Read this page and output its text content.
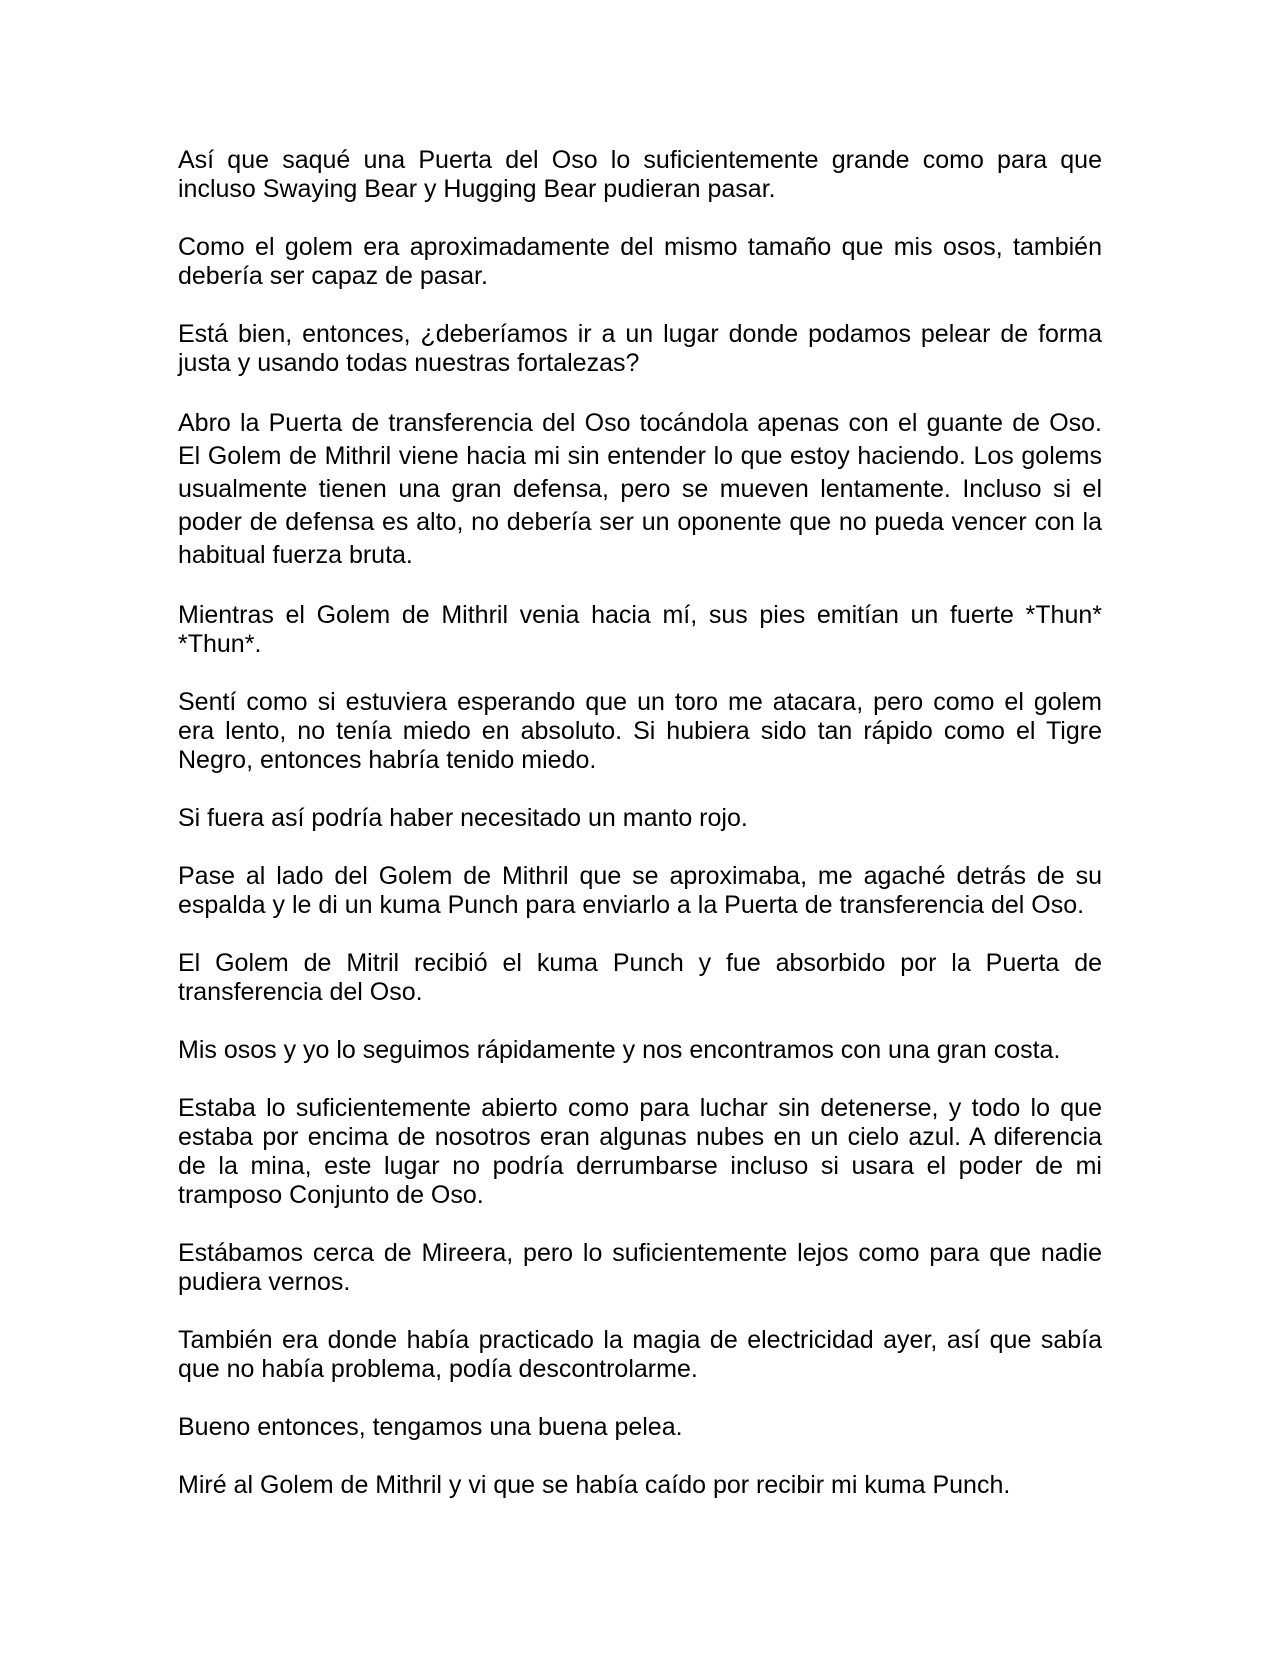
Así que saqué una Puerta del Oso lo suficientemente grande como para que incluso Swaying Bear y Hugging Bear pudieran pasar.

Como el golem era aproximadamente del mismo tamaño que mis osos, también debería ser capaz de pasar.

Está bien, entonces, ¿deberíamos ir a un lugar donde podamos pelear de forma justa y usando todas nuestras fortalezas?

Abro la Puerta de transferencia del Oso tocándola apenas con el guante de Oso. El Golem de Mithril viene hacia mi sin entender lo que estoy haciendo. Los golems usualmente tienen una gran defensa, pero se mueven lentamente. Incluso si el poder de defensa es alto, no debería ser un oponente que no pueda vencer con la habitual fuerza bruta.

Mientras el Golem de Mithril venia hacia mí, sus pies emitían un fuerte *Thun* *Thun*.

Sentí como si estuviera esperando que un toro me atacara, pero como el golem era lento, no tenía miedo en absoluto. Si hubiera sido tan rápido como el Tigre Negro, entonces habría tenido miedo.

Si fuera así podría haber necesitado un manto rojo.

Pase al lado del Golem de Mithril que se aproximaba, me agaché detrás de su espalda y le di un kuma Punch para enviarlo a la Puerta de transferencia del Oso.

El Golem de Mitril recibió el kuma Punch y fue absorbido por la Puerta de transferencia del Oso.

Mis osos y yo lo seguimos rápidamente y nos encontramos con una gran costa.

Estaba lo suficientemente abierto como para luchar sin detenerse, y todo lo que estaba por encima de nosotros eran algunas nubes en un cielo azul. A diferencia de la mina, este lugar no podría derrumbarse incluso si usara el poder de mi tramposo Conjunto de Oso.

Estábamos cerca de Mireera, pero lo suficientemente lejos como para que nadie pudiera vernos.

También era donde había practicado la magia de electricidad ayer, así que sabía que no había problema, podía descontrolarme.

Bueno entonces, tengamos una buena pelea.

Miré al Golem de Mithril y vi que se había caído por recibir mi kuma Punch.
